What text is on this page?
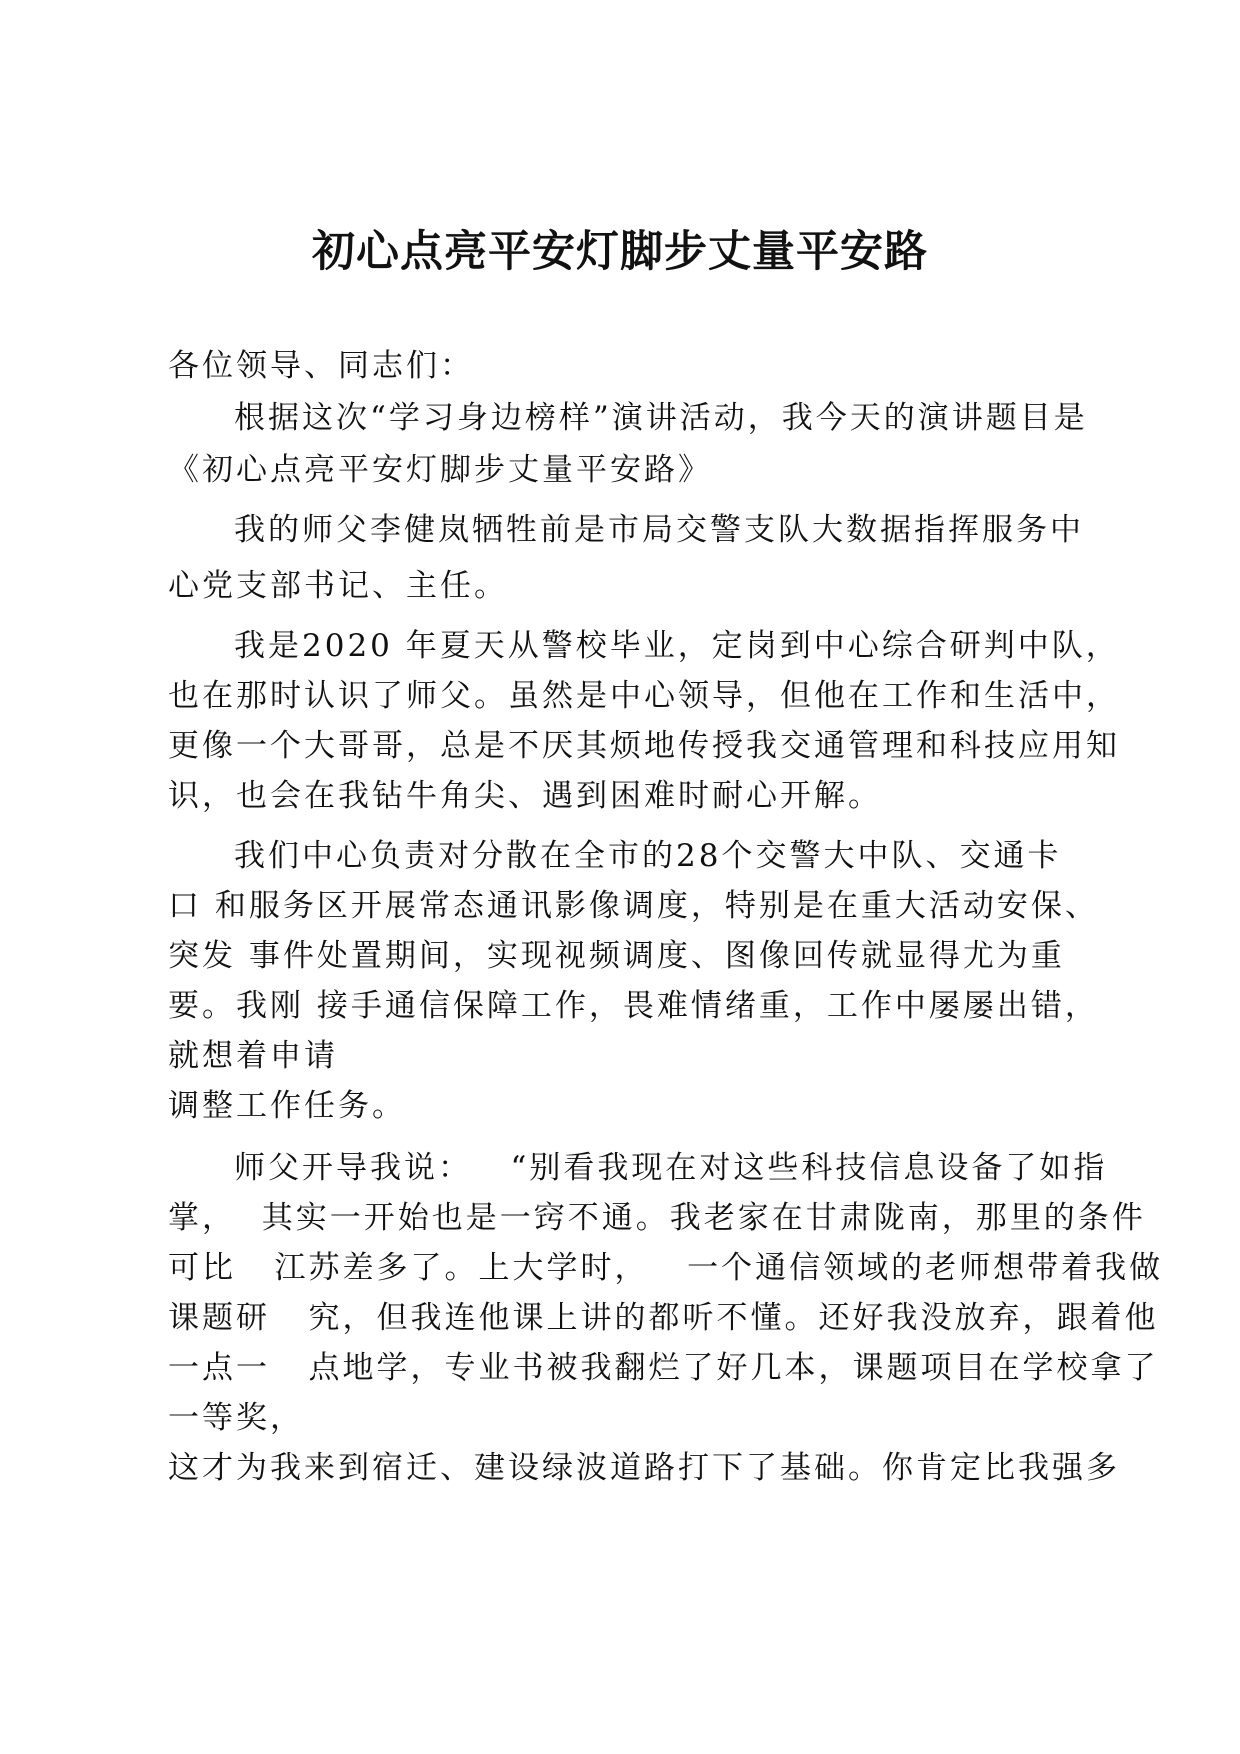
初心点亮平安灯脚步丈量平安路
各位领导、同志们：
根据这次“学习身边榜样”演讲活动，我今天的演讲题目是
《初心点亮平安灯脚步丈量平安路》
我的师父李健岚牺牲前是市局交警支队大数据指挥服务中
心党支部书记、主任。
我是2020 年夏天从警校毕业，定岗到中心综合研判中队，
也在那时认识了师父。虽然是中心领导，但他在工作和生活中，
更像一个大哥哥，总是不厌其烦地传授我交通管理和科技应用知
识，也会在我钻牛角尖、遇到困难时耐心开解。
我们中心负责对分散在全市的28个交警大中队、交通卡
口 和服务区开展常态通讯影像调度，特别是在重大活动安保、
突发 事件处置期间，实现视频调度、图像回传就显得尤为重
要。我刚 接手通信保障工作，畏难情绪重，工作中屡屡出错，
就想着申请
调整工作任务。
师父开导我说：   “别看我现在对这些科技信息设备了如指
掌，  其实一开始也是一窍不通。我老家在甘肃陇南，那里的条件
可比   江苏差多了。上大学时，   一个通信领域的老师想带着我做
课题研   究，但我连他课上讲的都听不懂。还好我没放弃，跟着他
一点一   点地学，专业书被我翻烂了好几本，课题项目在学校拿了
一等奖，
这才为我来到宿迁、建设绿波道路打下了基础。你肯定比我强多
